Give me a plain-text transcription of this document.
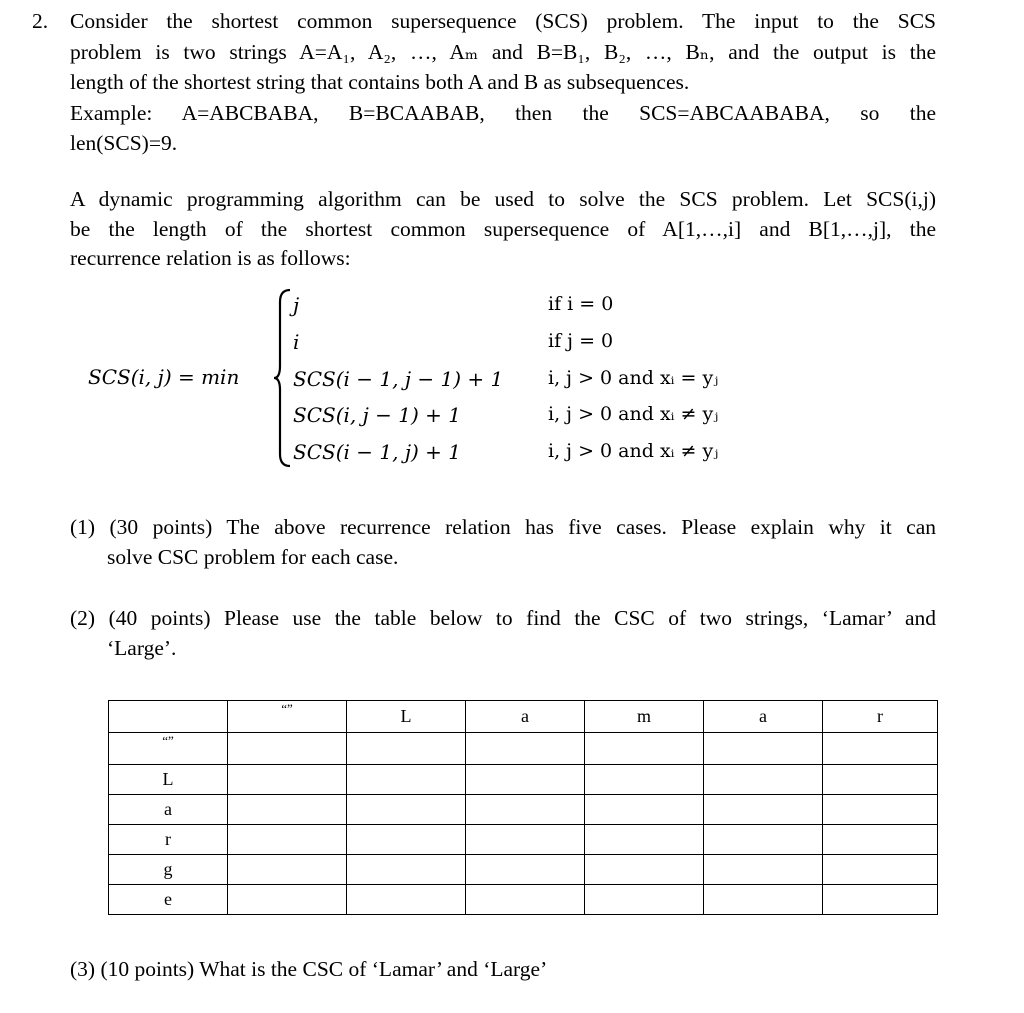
2. Consider the shortest common supersequence (SCS) problem. The input to the SCS
problem is two strings A=A₁, A₂, …, Aₘ and B=B₁, B₂, …, Bₙ, and the output is the
length of the shortest string that contains both A and B as subsequences.
Example: A=ABCBABA, B=BCAABAB, then the SCS=ABCAABABA, so the
len(SCS)=9.
A dynamic programming algorithm can be used to solve the SCS problem. Let SCS(i,j)
be the length of the shortest common supersequence of A[1,…,i] and B[1,…,j], the
recurrence relation is as follows:
SCS(i, j) = min
j
i
SCS(i − 1, j − 1) + 1
SCS(i, j − 1) + 1
SCS(i − 1, j) + 1
if i = 0
if j = 0
i, j > 0 and xᵢ = yⱼ
i, j > 0 and xᵢ ≠ yⱼ
i, j > 0 and xᵢ ≠ yⱼ
(1) (30 points) The above recurrence relation has five cases. Please explain why it can
solve CSC problem for each case.
(2) (40 points) Please use the table below to find the CSC of two strings, ‘Lamar’ and
‘Large’.
	“”	L	a	m	a	r
“”						
L						
a						
r						
g						
e						
(3) (10 points) What is the CSC of ‘Lamar’ and ‘Large’
